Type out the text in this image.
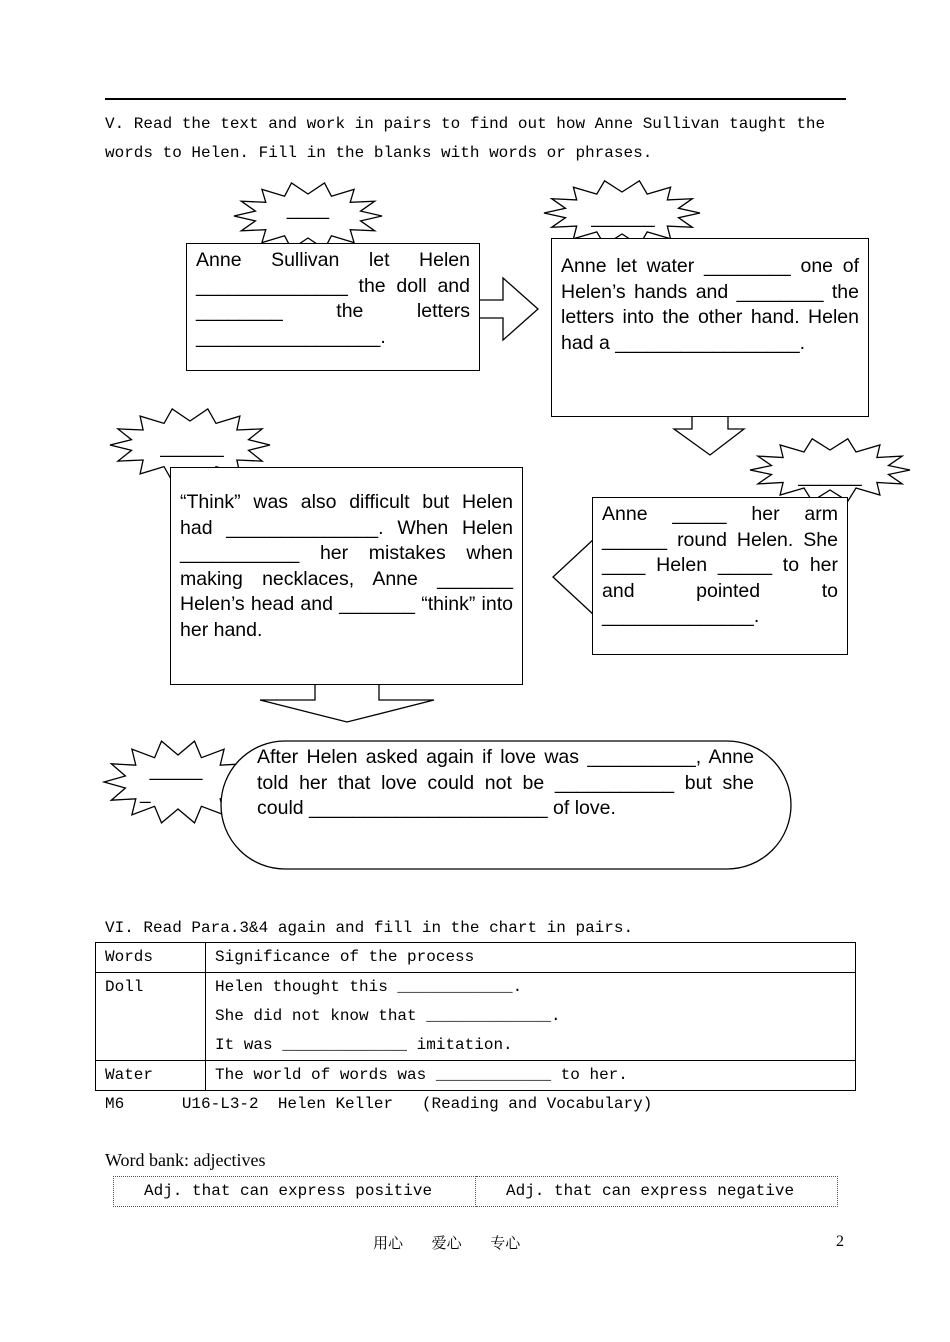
V. Read the text and work in pairs to find out how Anne Sullivan taught the
words to Helen. Fill in the blanks with words or phrases.
____	______
______
______
_____
_
Anne Sullivan let Helen ______________ the doll and ________ the letters _________________.
Anne let water ________ one of Helen’s hands and ________ the letters into the other hand. Helen had a _________________.
Anne _____ her arm ______ round Helen. She ____ Helen _____ to her and pointed to ______________.
“Think” was also difficult but Helen had ______________. When Helen ___________ her mistakes when making necklaces, Anne _______ Helen’s head and _______ “think” into her hand.
After Helen asked again if love was __________, Anne told her that love could not be ___________ but she could ______________________ of love.
VI. Read Para.3&4 again and fill in the chart in pairs.
Words	Significance of the process
Doll	Helen thought this ____________.
She did not know that _____________.
It was _____________ imitation.

Water	The world of words was ____________ to her.
M6	U16-L3-2 Helen Keller (Reading and Vocabulary)
Word bank: adjectives
Adj. that can express positive	Adj. that can express negative
用心 爱心 专心	2
